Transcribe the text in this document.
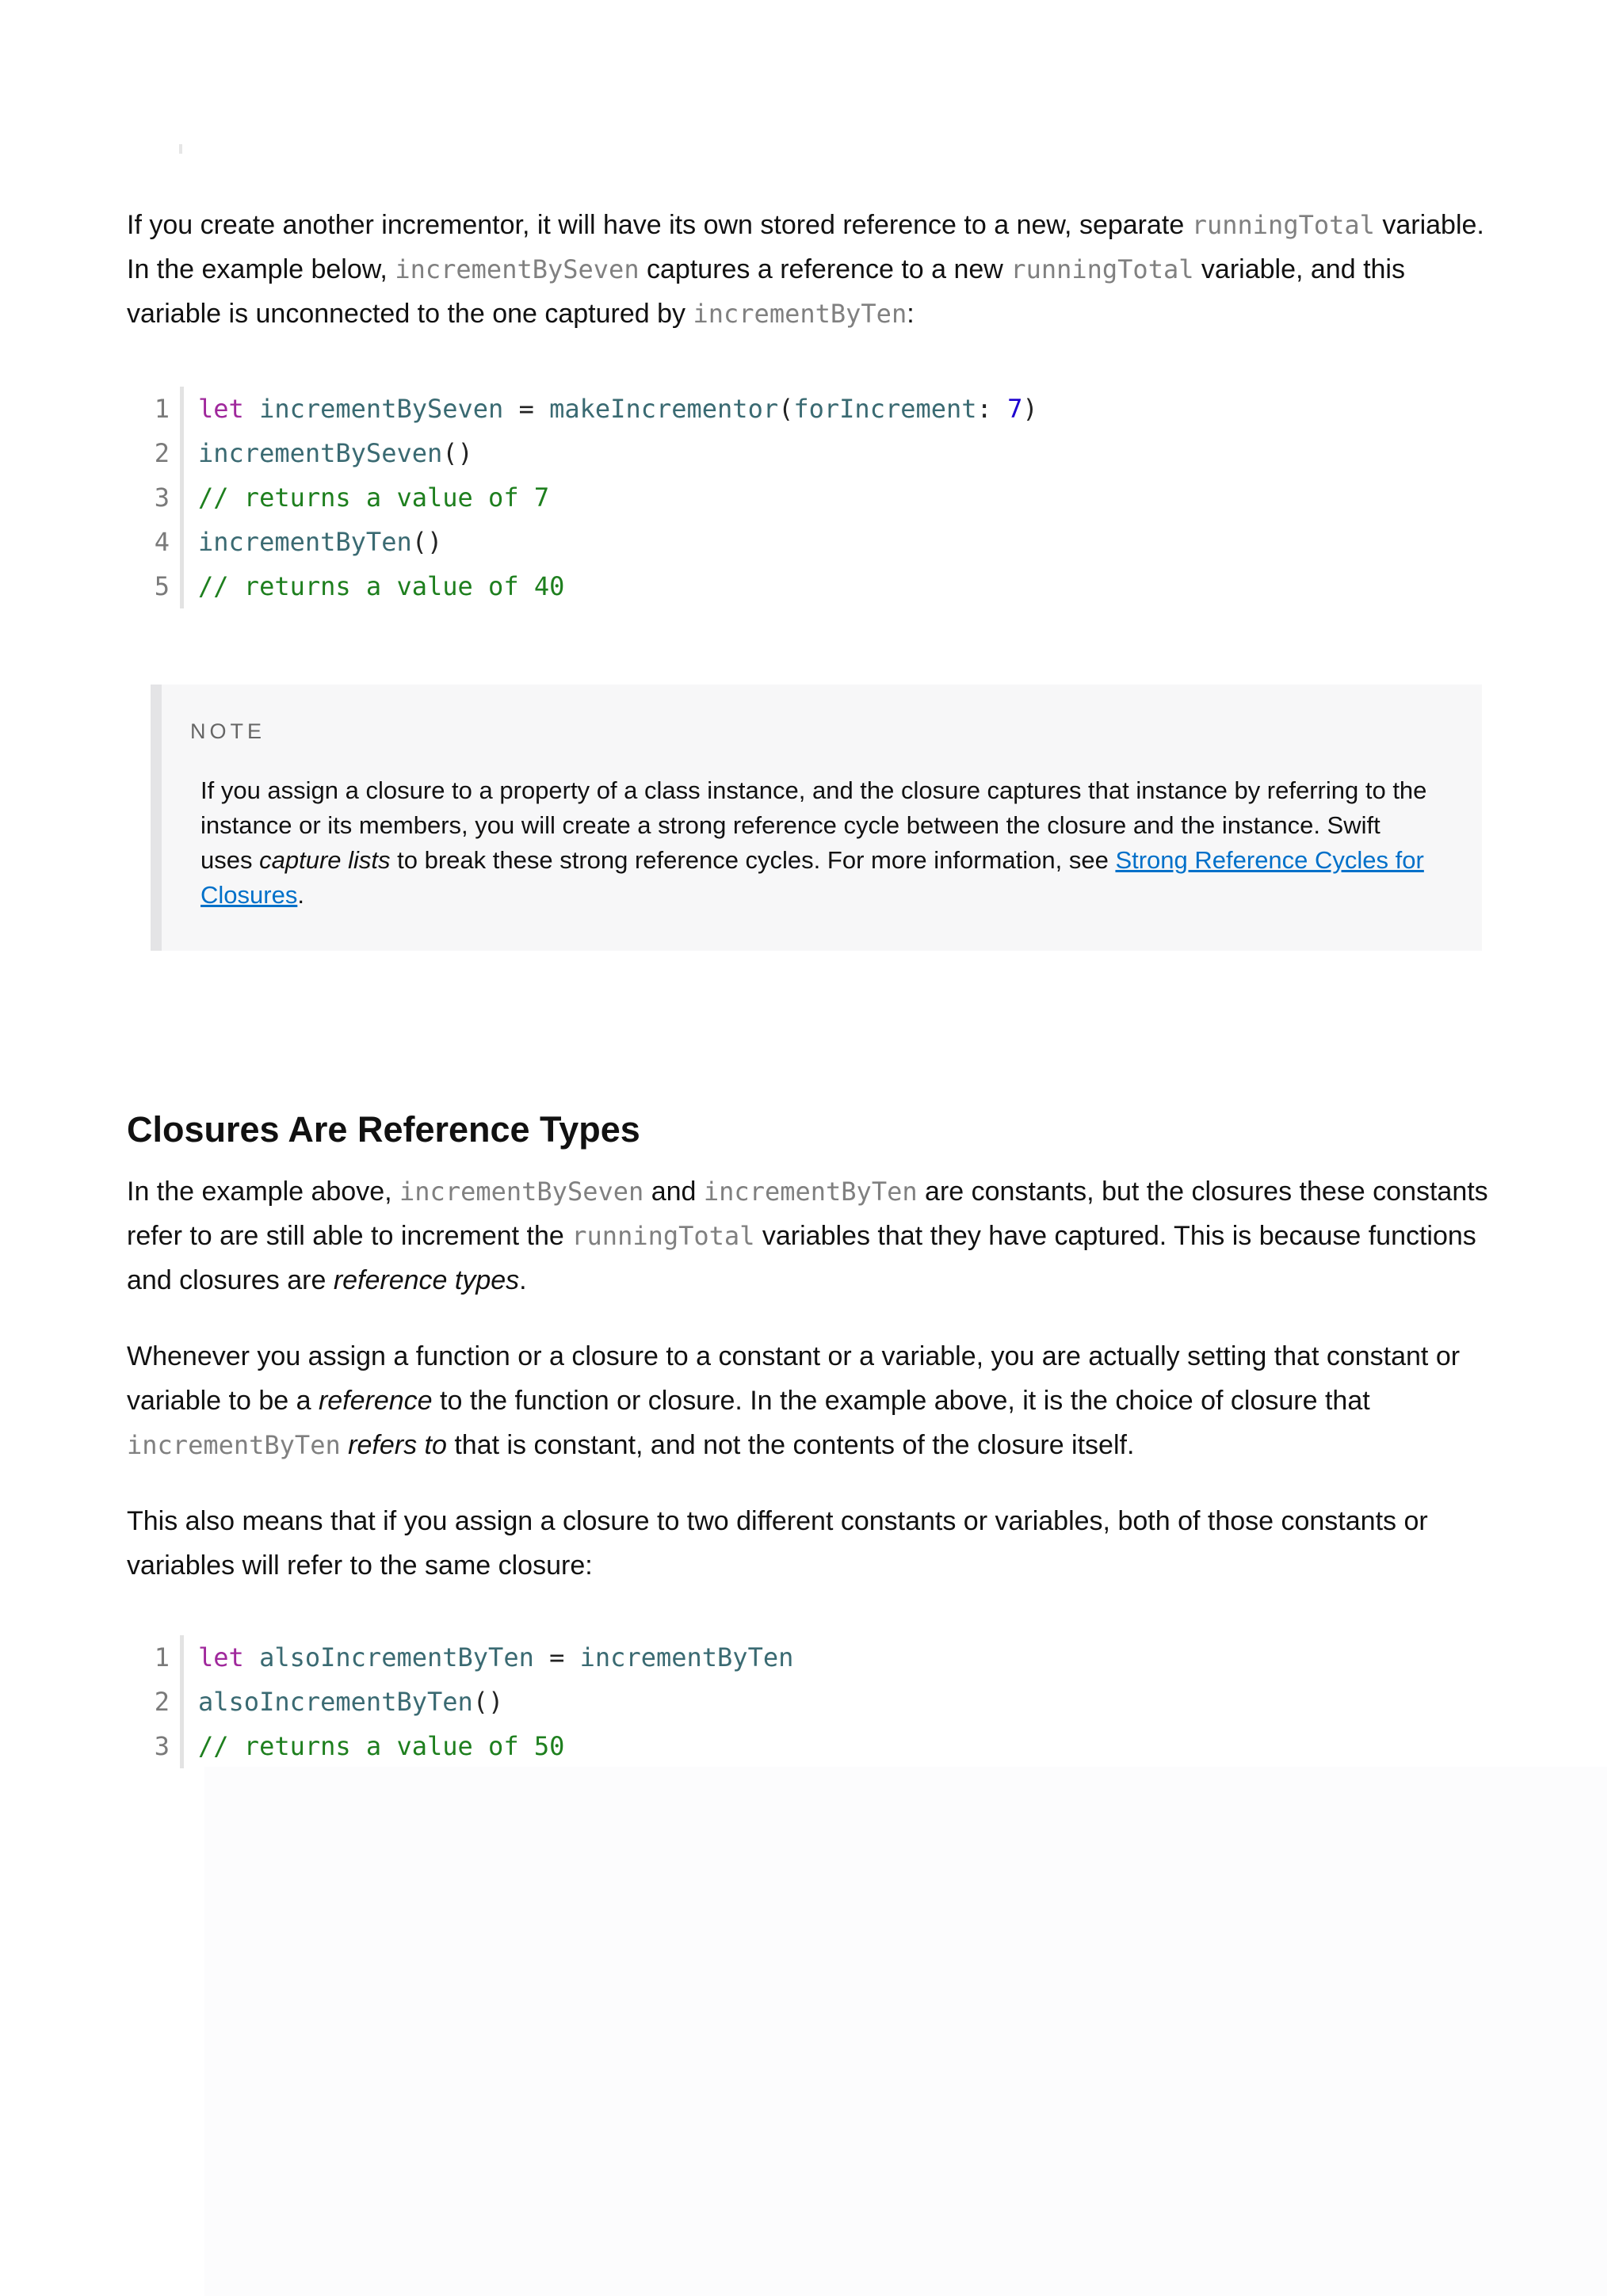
If you create another incrementor, it will have its own stored reference to a new, separate runningTotal variable. In the example below, incrementBySeven captures a reference to a new runningTotal variable, and this variable is unconnected to the one captured by incrementByTen:

1	let incrementBySeven = makeIncrementor(forIncrement: 7)
2	incrementBySeven()
3	// returns a value of 7
4	incrementByTen()
5	// returns a value of 40

NOTE

If you assign a closure to a property of a class instance, and the closure captures that instance by referring to the instance or its members, you will create a strong reference cycle between the closure and the instance. Swift uses capture lists to break these strong reference cycles. For more information, see Strong Reference Cycles for Closures.

Closures Are Reference Types

In the example above, incrementBySeven and incrementByTen are constants, but the closures these constants refer to are still able to increment the runningTotal variables that they have captured. This is because functions and closures are reference types.

Whenever you assign a function or a closure to a constant or a variable, you are actually setting that constant or variable to be a reference to the function or closure. In the example above, it is the choice of closure that incrementByTen refers to that is constant, and not the contents of the closure itself.

This also means that if you assign a closure to two different constants or variables, both of those constants or variables will refer to the same closure:

1	let alsoIncrementByTen = incrementByTen
2	alsoIncrementByTen()
3	// returns a value of 50
